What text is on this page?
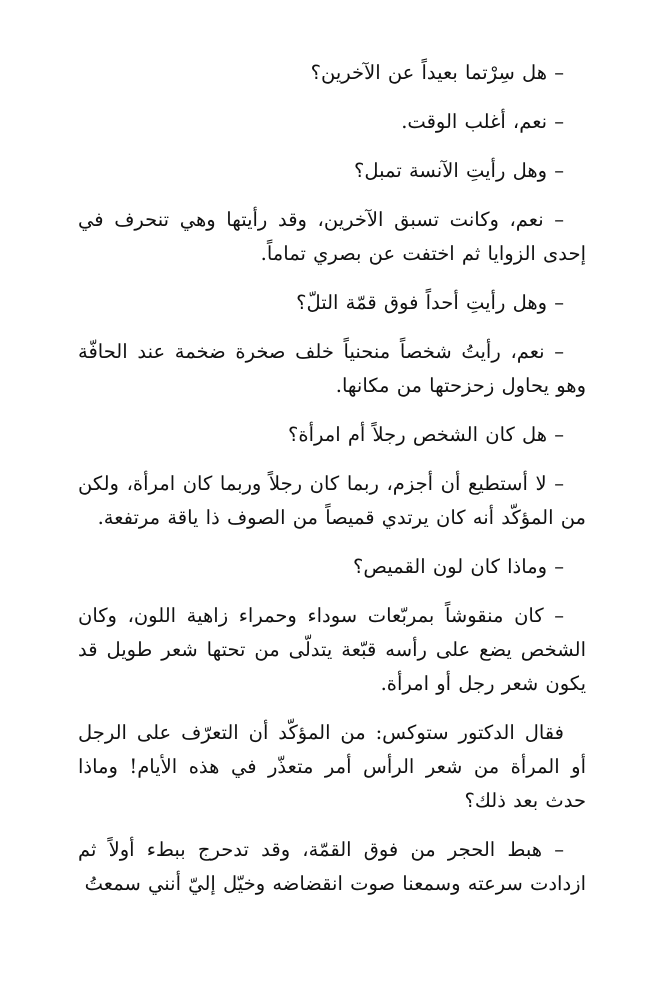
– هل سِرْتما بعيداً عن الآخرين؟

– نعم، أغلب الوقت.

– وهل رأيتِ الآنسة تمبل؟

– نعم، وكانت تسبق الآخرين، وقد رأيتها وهي تنحرف في إحدى الزوايا ثم اختفت عن بصري تماماً.

– وهل رأيتِ أحداً فوق قمّة التلّ؟

– نعم، رأيتُ شخصاً منحنياً خلف صخرة ضخمة عند الحافّة وهو يحاول زحزحتها من مكانها.

– هل كان الشخص رجلاً أم امرأة؟

– لا أستطيع أن أجزم، ربما كان رجلاً وربما كان امرأة، ولكن من المؤكّد أنه كان يرتدي قميصاً من الصوف ذا ياقة مرتفعة.

– وماذا كان لون القميص؟

– كان منقوشاً بمربّعات سوداء وحمراء زاهية اللون، وكان الشخص يضع على رأسه قبّعة يتدلّى من تحتها شعر طويل قد يكون شعر رجل أو امرأة.

فقال الدكتور ستوكس: من المؤكّد أن التعرّف على الرجل أو المرأة من شعر الرأس أمر متعذّر في هذه الأيام! وماذا حدث بعد ذلك؟

– هبط الحجر من فوق القمّة، وقد تدحرج ببطء أولاً ثم ازدادت سرعته وسمعنا صوت انقضاضه وخيّل إليّ أنني سمعتُ
